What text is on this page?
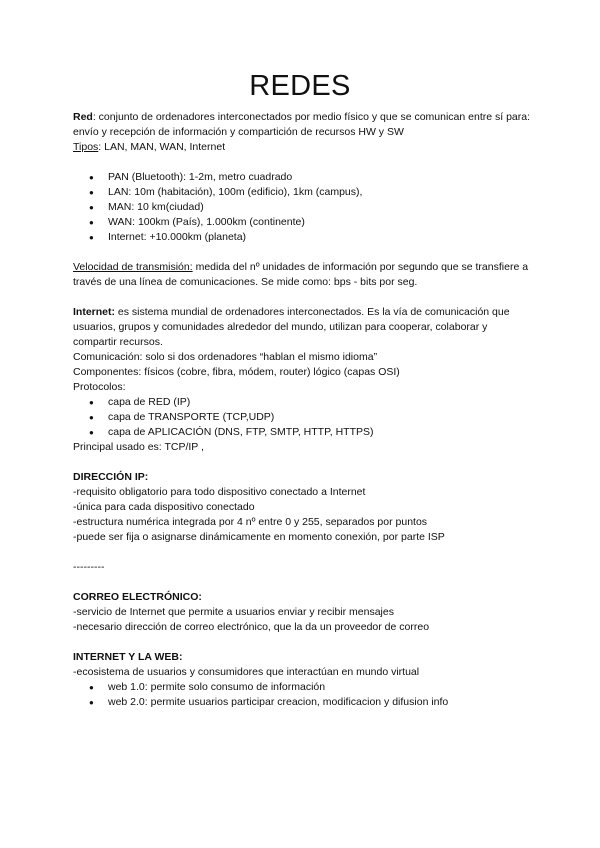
REDES

Red: conjunto de ordenadores interconectados por medio físico y que se comunican entre sí para: envío y recepción de información y compartición de recursos HW y SW

Tipos: LAN, MAN, WAN, Internet

● PAN (Bluetooth): 1-2m, metro cuadrado
● LAN: 10m (habitación), 100m (edificio), 1km (campus),
● MAN: 10 km(ciudad)
● WAN: 100km (País), 1.000km (continente)
● Internet: +10.000km (planeta)

Velocidad de transmisión: medida del nº unidades de información por segundo que se transfiere a través de una línea de comunicaciones. Se mide como: bps - bits por seg.

Internet: es sistema mundial de ordenadores interconectados. Es la vía de comunicación que usuarios, grupos y comunidades alrededor del mundo, utilizan para cooperar, colaborar y compartir recursos.

Comunicación: solo si dos ordenadores “hablan el mismo idioma”

Componentes: físicos (cobre, fibra, módem, router) lógico (capas OSI)

Protocolos:

● capa de RED (IP)
● capa de TRANSPORTE (TCP,UDP)
● capa de APLICACIÓN (DNS, FTP, SMTP, HTTP, HTTPS)

Principal usado es: TCP/IP ,

DIRECCIÓN IP:

-requisito obligatorio para todo dispositivo conectado a Internet

-única para cada dispositivo conectado

-estructura numérica integrada por 4 nº entre 0 y 255, separados por puntos

-puede ser fija o asignarse dinámicamente en momento conexión, por parte ISP

---------

CORREO ELECTRÓNICO:

-servicio de Internet que permite a usuarios enviar y recibir mensajes

-necesario dirección de correo electrónico, que la da un proveedor de correo

INTERNET Y LA WEB:

-ecosistema de usuarios y consumidores que interactúan en mundo virtual

● web 1.0: permite solo consumo de información
● web 2.0: permite usuarios participar creacion, modificacion y difusion info
